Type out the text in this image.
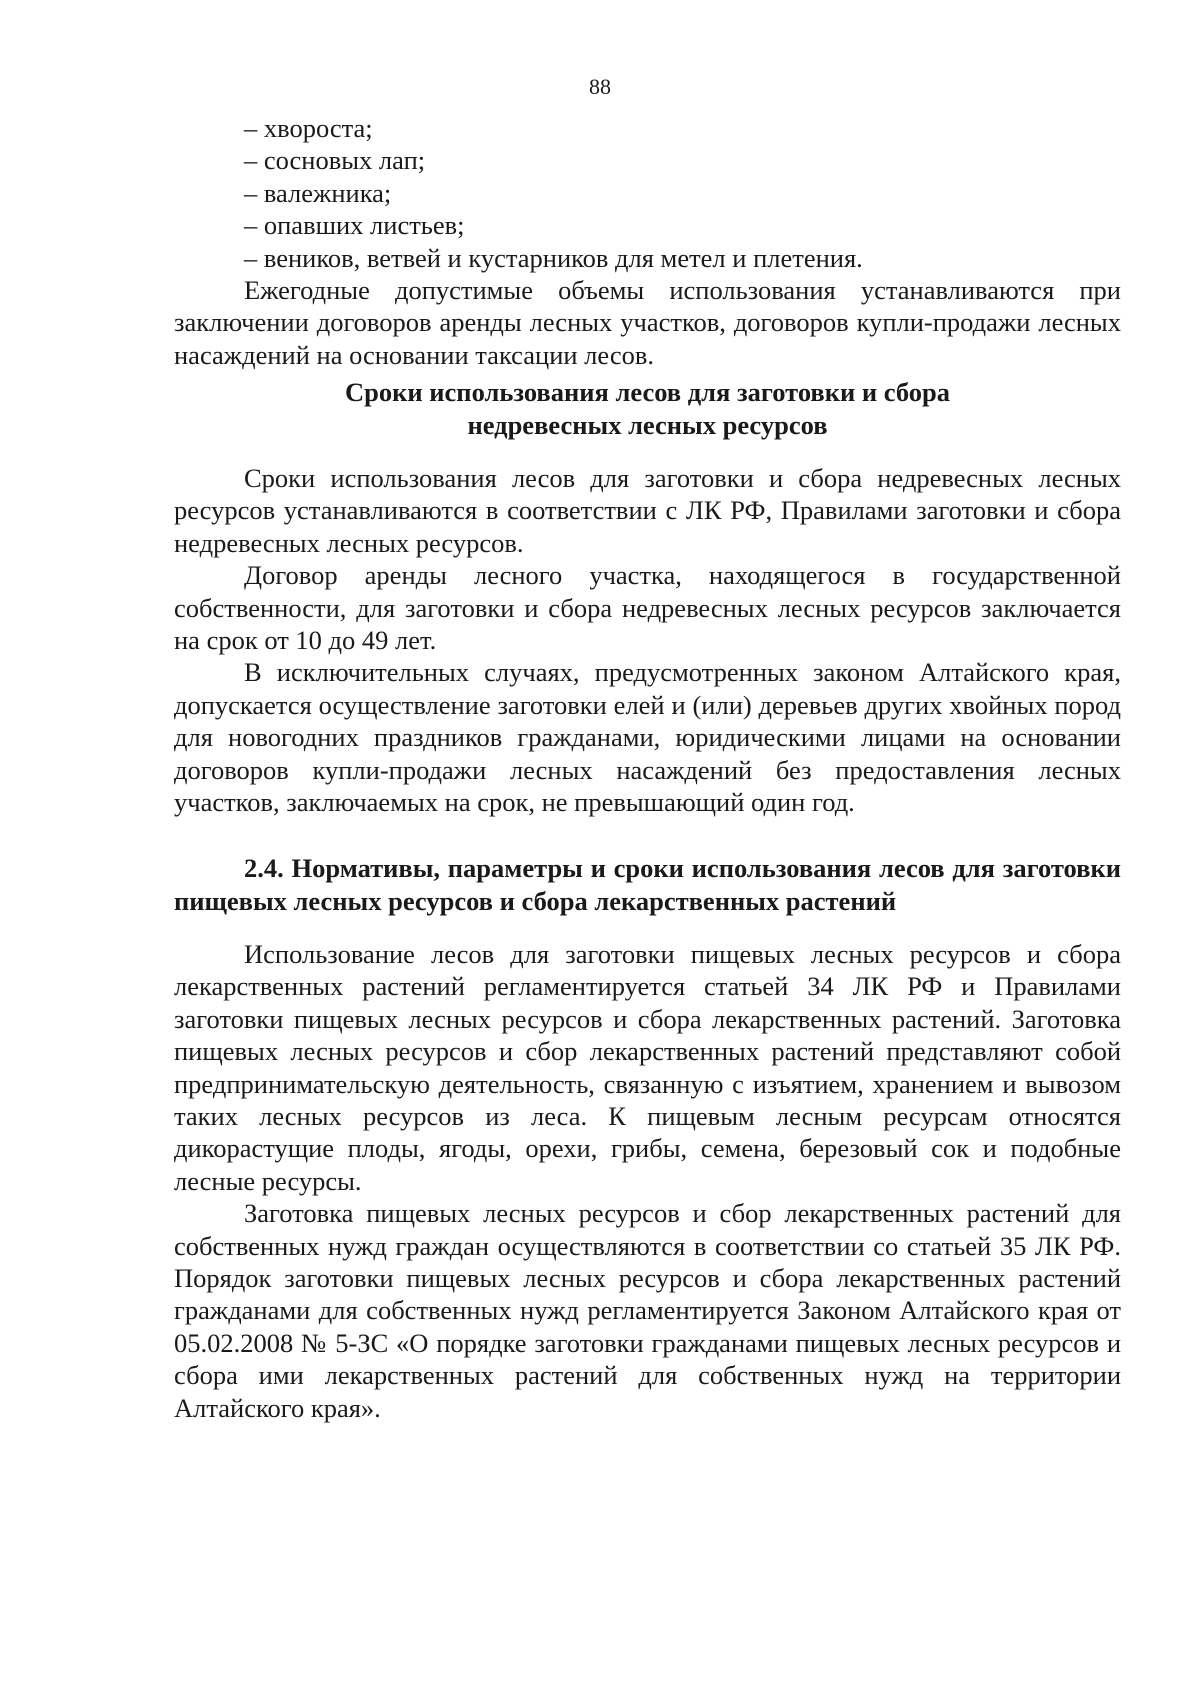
88

– хвороста;

– сосновых лап;

– валежника;

– опавших листьев;

– веников, ветвей и кустарников для метел и плетения.

Ежегодные допустимые объемы использования устанавливаются при заключении договоров аренды лесных участков, договоров купли-продажи лесных насаждений на основании таксации лесов.

Сроки использования лесов для заготовки и сбора

недревесных лесных ресурсов

Сроки использования лесов для заготовки и сбора недревесных лесных ресурсов устанавливаются в соответствии с ЛК РФ, Правилами заготовки и сбора недревесных лесных ресурсов.

Договор аренды лесного участка, находящегося в государственной собственности, для заготовки и сбора недревесных лесных ресурсов заключается на срок от 10 до 49 лет.

В исключительных случаях, предусмотренных законом Алтайского края, допускается осуществление заготовки елей и (или) деревьев других хвойных пород для новогодних праздников гражданами, юридическими лицами на основании договоров купли-продажи лесных насаждений без предоставления лесных участков, заключаемых на срок, не превышающий один год.

2.4. Нормативы, параметры и сроки использования лесов для заготовки пищевых лесных ресурсов и сбора лекарственных растений

Использование лесов для заготовки пищевых лесных ресурсов и сбора лекарственных растений регламентируется статьей 34 ЛК РФ и Правилами заготовки пищевых лесных ресурсов и сбора лекарственных растений. Заготовка пищевых лесных ресурсов и сбор лекарственных растений представляют собой предпринимательскую деятельность, связанную с изъятием, хранением и вывозом таких лесных ресурсов из леса. К пищевым лесным ресурсам относятся дикорастущие плоды, ягоды, орехи, грибы, семена, березовый сок и подобные лесные ресурсы.

Заготовка пищевых лесных ресурсов и сбор лекарственных растений для собственных нужд граждан осуществляются в соответствии со статьей 35 ЛК РФ. Порядок заготовки пищевых лесных ресурсов и сбора лекарственных растений гражданами для собственных нужд регламентируется Законом Алтайского края от 05.02.2008 № 5-ЗС «О порядке заготовки гражданами пищевых лесных ресурсов и сбора ими лекарственных растений для собственных нужд на территории Алтайского края».
